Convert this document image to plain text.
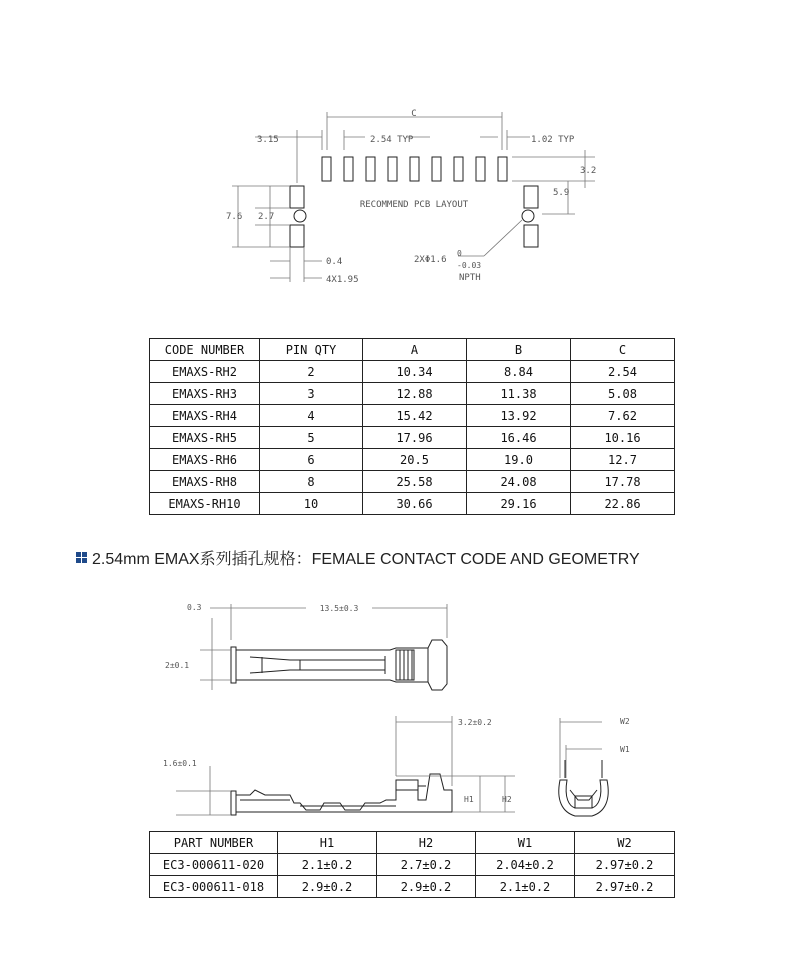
C
3.15	2.54 TYP	1.02 TYP
3.2
5.9
7.6 2.7
0.4
4X1.95
RECOMMEND PCB LAYOUT
2XΦ1.6
0
-0.03
NPTH
CODE NUMBER	PIN QTY	A	B	C
EMAXS-RH2	2	10.34	8.84	2.54
EMAXS-RH3	3	12.88	11.38	5.08
EMAXS-RH4	4	15.42	13.92	7.62
EMAXS-RH5	5	17.96	16.46	10.16
EMAXS-RH6	6	20.5	19.0	12.7
EMAXS-RH8	8	25.58	24.08	17.78
EMAXS-RH10	10	30.66	29.16	22.86
2.54mm EMAX系列插孔规格：FEMALE CONTACT CODE AND GEOMETRY
0.3	13.5±0.3
2±0.1
3.2±0.2
1.6±0.1
H1	H2
W1
W2
PART NUMBER	H1	H2	W1	W2
EC3-000611-020	2.1±0.2	2.7±0.2	2.04±0.2	2.97±0.2
EC3-000611-018	2.9±0.2	2.9±0.2	2.1±0.2	2.97±0.2
